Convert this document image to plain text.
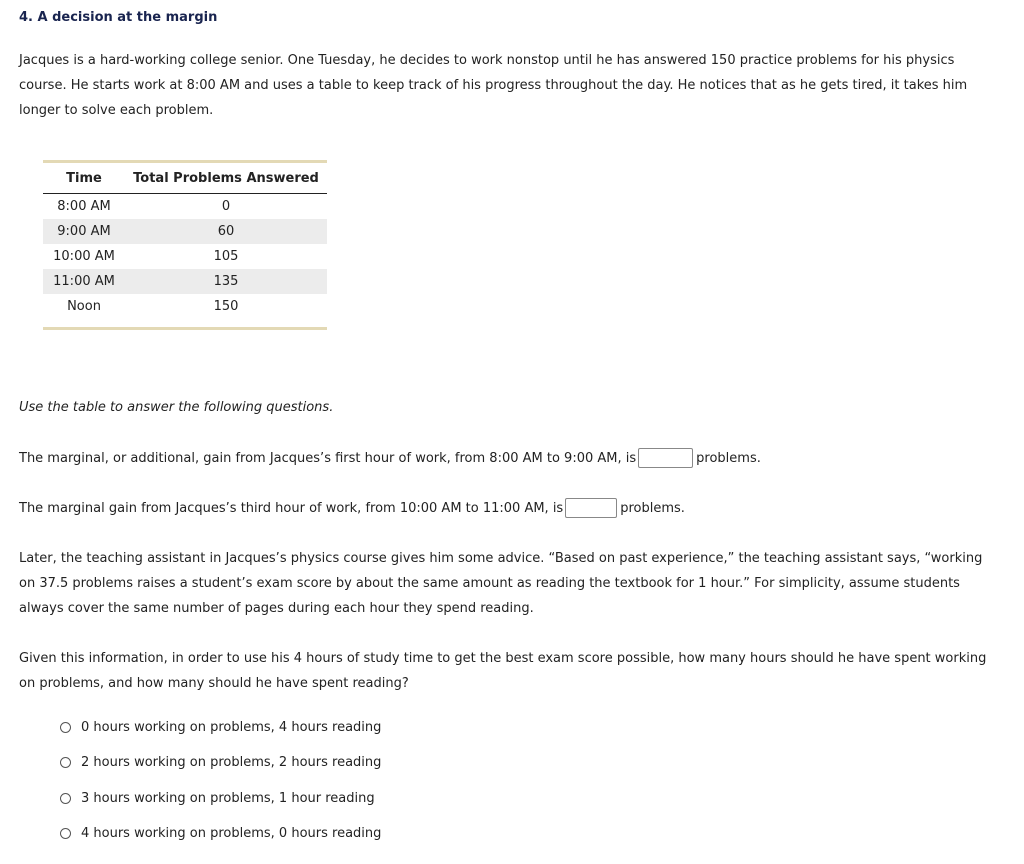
4. A decision at the margin

Jacques is a hard-working college senior. One Tuesday, he decides to work nonstop until he has answered 150 practice problems for his physics course. He starts work at 8:00 AM and uses a table to keep track of his progress throughout the day. He notices that as he gets tired, it takes him longer to solve each problem.

Time	Total Problems Answered
8:00 AM	0
9:00 AM	60
10:00 AM	105
11:00 AM	135
Noon	150

Use the table to answer the following questions.

The marginal, or additional, gain from Jacques’s first hour of work, from 8:00 AM to 9:00 AM, is	problems.

The marginal gain from Jacques’s third hour of work, from 10:00 AM to 11:00 AM, is	problems.

Later, the teaching assistant in Jacques’s physics course gives him some advice. “Based on past experience,” the teaching assistant says, “working on 37.5 problems raises a student’s exam score by about the same amount as reading the textbook for 1 hour.” For simplicity, assume students always cover the same number of pages during each hour they spend reading.

Given this information, in order to use his 4 hours of study time to get the best exam score possible, how many hours should he have spent working on problems, and how many should he have spent reading?

0 hours working on problems, 4 hours reading
2 hours working on problems, 2 hours reading
3 hours working on problems, 1 hour reading
4 hours working on problems, 0 hours reading
